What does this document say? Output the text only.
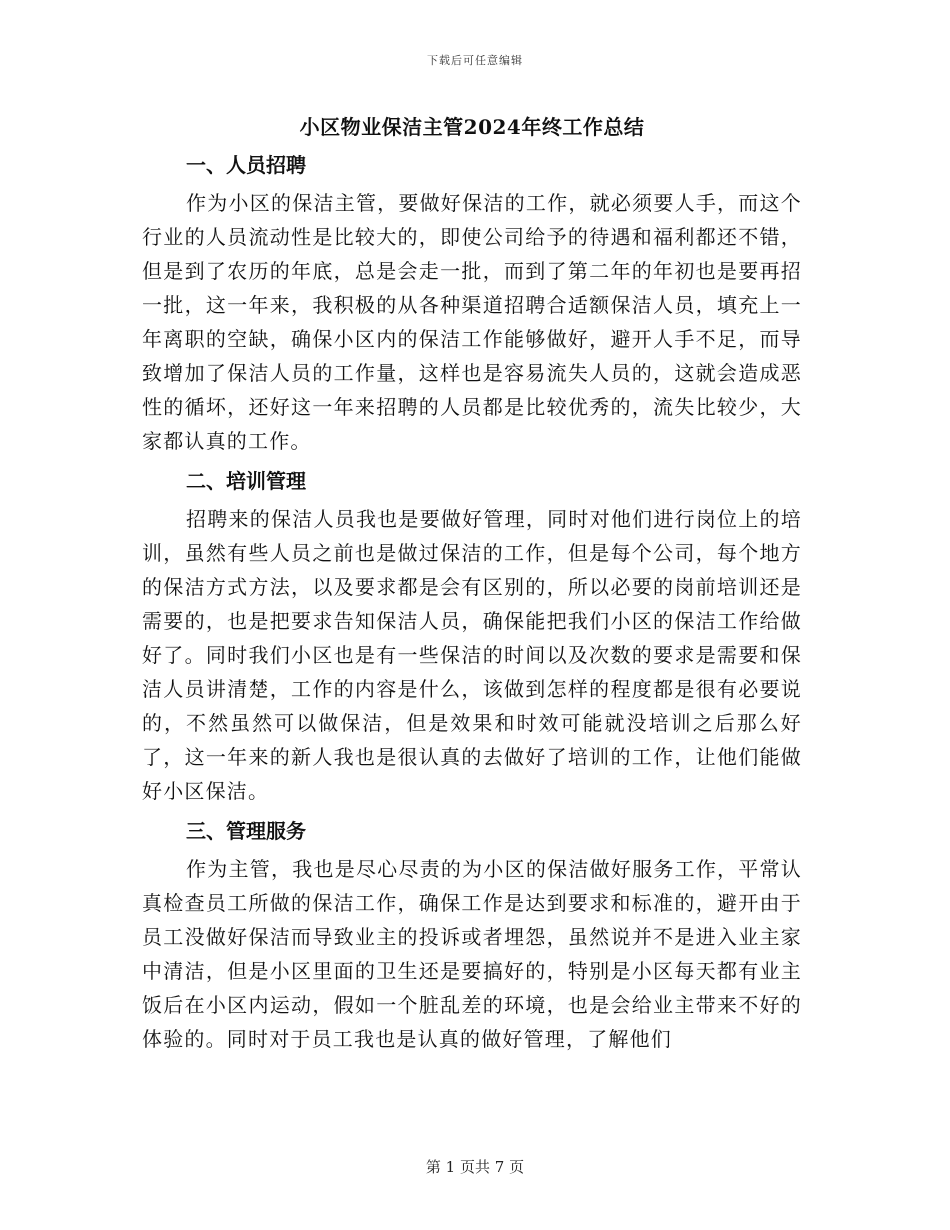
下载后可任意编辑
小区物业保洁主管2024年终工作总结
一、人员招聘

作为小区的保洁主管，要做好保洁的工作，就必须要人手，而这个行业的人员流动性是比较大的，即使公司给予的待遇和福利都还不错，但是到了农历的年底，总是会走一批，而到了第二年的年初也是要再招一批，这一年来，我积极的从各种渠道招聘合适额保洁人员，填充上一年离职的空缺，确保小区内的保洁工作能够做好，避开人手不足，而导致增加了保洁人员的工作量，这样也是容易流失人员的，这就会造成恶性的循坏，还好这一年来招聘的人员都是比较优秀的，流失比较少，大家都认真的工作。

二、培训管理

招聘来的保洁人员我也是要做好管理，同时对他们进行岗位上的培训，虽然有些人员之前也是做过保洁的工作，但是每个公司，每个地方的保洁方式方法，以及要求都是会有区别的，所以必要的岗前培训还是需要的，也是把要求告知保洁人员，确保能把我们小区的保洁工作给做好了。同时我们小区也是有一些保洁的时间以及次数的要求是需要和保洁人员讲清楚，工作的内容是什么，该做到怎样的程度都是很有必要说的，不然虽然可以做保洁，但是效果和时效可能就没培训之后那么好了，这一年来的新人我也是很认真的去做好了培训的工作，让他们能做好小区保洁。

三、管理服务

作为主管，我也是尽心尽责的为小区的保洁做好服务工作，平常认真检查员工所做的保洁工作，确保工作是达到要求和标准的，避开由于员工没做好保洁而导致业主的投诉或者埋怨，虽然说并不是进入业主家中清洁，但是小区里面的卫生还是要搞好的，特别是小区每天都有业主饭后在小区内运动，假如一个脏乱差的环境，也是会给业主带来不好的体验的。同时对于员工我也是认真的做好管理，了解他们

第 1 页共 7 页
